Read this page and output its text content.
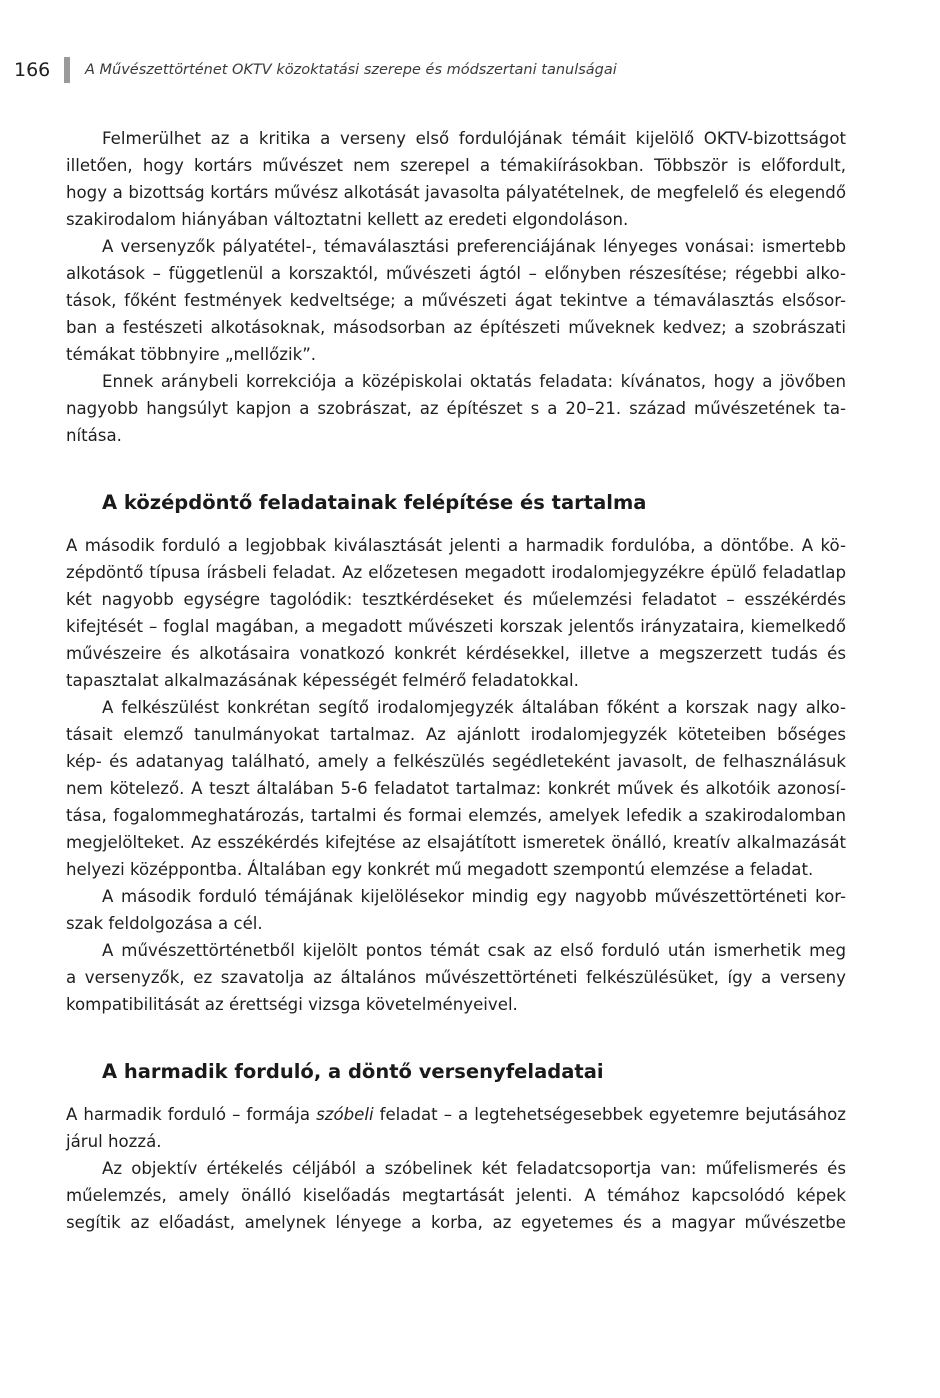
166 A Művészettörténet OKTV közoktatási szerepe és módszertani tanulságai

Felmerülhet az a kritika a verseny első fordulójának témáit kijelölő OKTV-bizottságot
illetően, hogy kortárs művészet nem szerepel a témakiírásokban. Többször is előfordult,
hogy a bizottság kortárs művész alkotását javasolta pályatételnek, de megfelelő és elegendő
szakirodalom hiányában változtatni kellett az eredeti elgondoláson.

A versenyzők pályatétel-, témaválasztási preferenciájának lényeges vonásai: ismertebb
alkotások – függetlenül a korszaktól, művészeti ágtól – előnyben részesítése; régebbi alko-
tások, főként festmények kedveltsége; a művészeti ágat tekintve a témaválasztás elsősor-
ban a festészeti alkotásoknak, másodsorban az építészeti műveknek kedvez; a szobrászati
témákat többnyire „mellőzik”.

Ennek aránybeli korrekciója a középiskolai oktatás feladata: kívánatos, hogy a jövőben
nagyobb hangsúlyt kapjon a szobrászat, az építészet s a 20–21. század művészetének ta-
nítása.

A középdöntő feladatainak felépítése és tartalma

A második forduló a legjobbak kiválasztását jelenti a harmadik fordulóba, a döntőbe. A kö-
zépdöntő típusa írásbeli feladat. Az előzetesen megadott irodalomjegyzékre épülő feladatlap
két nagyobb egységre tagolódik: tesztkérdéseket és műelemzési feladatot – esszékérdés
kifejtését – foglal magában, a megadott művészeti korszak jelentős irányzataira, kiemelkedő
művészeire és alkotásaira vonatkozó konkrét kérdésekkel, illetve a megszerzett tudás és
tapasztalat alkalmazásának képességét felmérő feladatokkal.

A felkészülést konkrétan segítő irodalomjegyzék általában főként a korszak nagy alko-
tásait elemző tanulmányokat tartalmaz. Az ajánlott irodalomjegyzék köteteiben bőséges
kép- és adatanyag található, amely a felkészülés segédleteként javasolt, de felhasználásuk
nem kötelező. A teszt általában 5-6 feladatot tartalmaz: konkrét művek és alkotóik azonosí-
tása, fogalommeghatározás, tartalmi és formai elemzés, amelyek lefedik a szakirodalomban
megjelölteket. Az esszékérdés kifejtése az elsajátított ismeretek önálló, kreatív alkalmazását
helyezi középpontba. Általában egy konkrét mű megadott szempontú elemzése a feladat.

A második forduló témájának kijelölésekor mindig egy nagyobb művészettörténeti kor-
szak feldolgozása a cél.

A művészettörténetből kijelölt pontos témát csak az első forduló után ismerhetik meg
a versenyzők, ez szavatolja az általános művészettörténeti felkészülésüket, így a verseny
kompatibilitását az érettségi vizsga követelményeivel.

A harmadik forduló, a döntő versenyfeladatai

A harmadik forduló – formája szóbeli feladat – a legtehetségesebbek egyetemre bejutásához
járul hozzá.

Az objektív értékelés céljából a szóbelinek két feladatcsoportja van: műfelismerés és
műelemzés, amely önálló kiselőadás megtartását jelenti. A témához kapcsolódó képek
segítik az előadást, amelynek lényege a korba, az egyetemes és a magyar művészetbe
